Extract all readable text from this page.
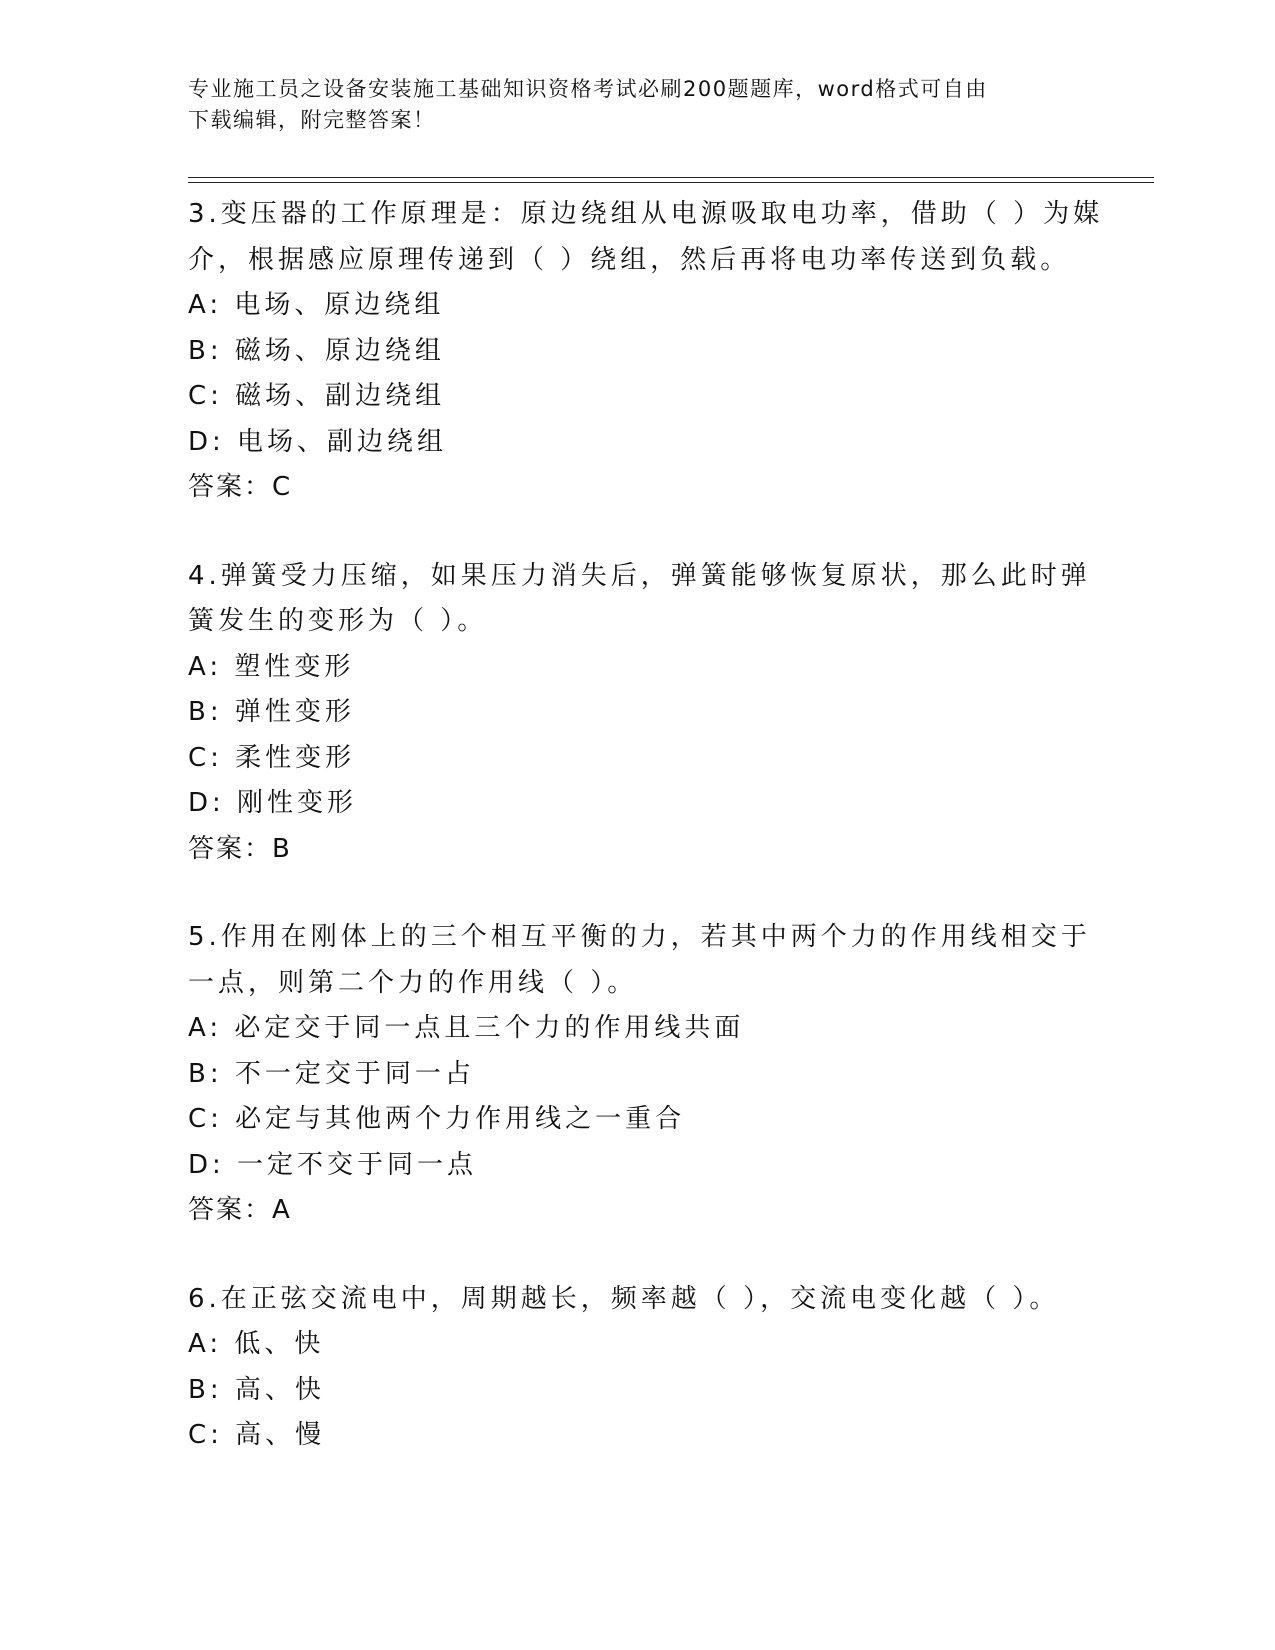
专业施工员之设备安装施工基础知识资格考试必刷200题题库，word格式可自由
下载编辑，附完整答案！
3.变压器的工作原理是：原边绕组从电源吸取电功率，借助（ ）为媒
介，根据感应原理传递到（ ）绕组，然后再将电功率传送到负载。
A: 电场、原边绕组
B: 磁场、原边绕组
C: 磁场、副边绕组
D: 电场、副边绕组
答案：C
4.弹簧受力压缩，如果压力消失后，弹簧能够恢复原状，那么此时弹
簧发生的变形为（ ）。
A: 塑性变形
B: 弹性变形
C: 柔性变形
D: 刚性变形
答案：B
5.作用在刚体上的三个相互平衡的力，若其中两个力的作用线相交于
一点，则第二个力的作用线（ ）。
A: 必定交于同一点且三个力的作用线共面
B: 不一定交于同一占
C: 必定与其他两个力作用线之一重合
D: 一定不交于同一点
答案：A
6.在正弦交流电中，周期越长，频率越（ ），交流电变化越（ ）。
A: 低、快
B: 高、快
C: 高、慢
